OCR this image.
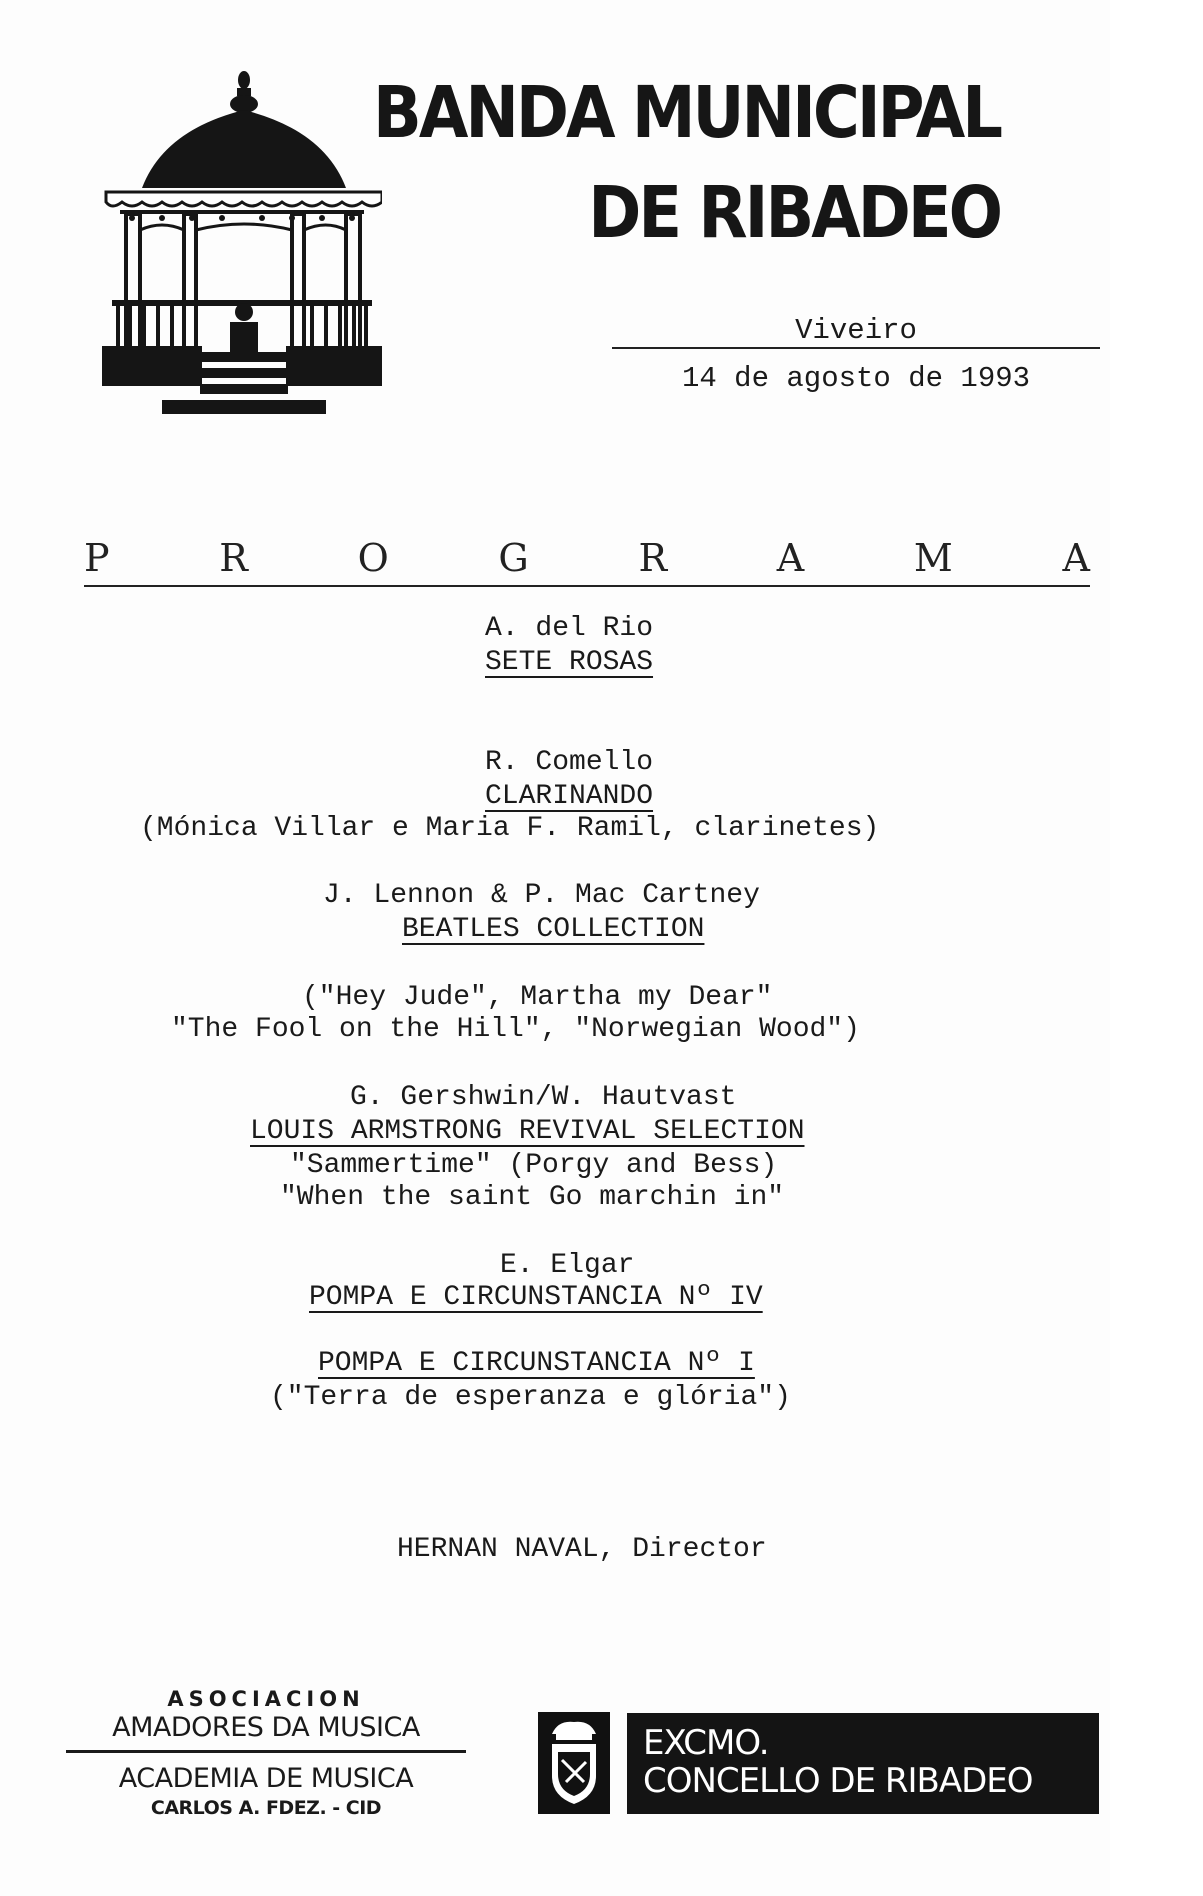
BANDA MUNICIPAL
DE RIBADEO
Viveiro
14 de agosto de 1993
P	R	O	G	R	A	M	A
A. del Rio
SETE ROSAS
R. Comello
CLARINANDO
(Mónica Villar e Maria F. Ramil, clarinetes)
J. Lennon & P. Mac Cartney
BEATLES COLLECTION
("Hey Jude", Martha my Dear"
"The Fool on the Hill", "Norwegian Wood")
G. Gershwin/W. Hautvast
LOUIS ARMSTRONG REVIVAL SELECTION
"Sammertime" (Porgy and Bess)
"When the saint Go marchin in"
E. Elgar
POMPA E CIRCUNSTANCIA Nº IV
POMPA E CIRCUNSTANCIA Nº I
("Terra de esperanza e glória")
HERNAN NAVAL, Director
ASOCIACION
AMADORES DA MUSICA
ACADEMIA DE MUSICA
CARLOS A. FDEZ. - CID
EXCMO.
CONCELLO DE RIBADEO
